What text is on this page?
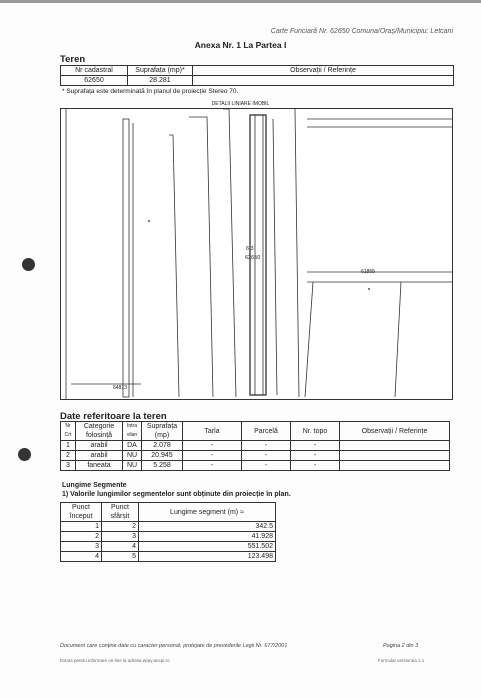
Carte Funciară Nr. 62650 Comuna/Oraș/Municipiu: Letcani
Anexa Nr. 1 La Partea I
Teren
Nr cadastral	Suprafața (mp)*	Observații / Referințe
62650	28.281	
* Suprafața este determinată în planul de proiecție Stereo 70.
DETALII LINIARE IMOBIL
6|3
62650
61855
64813
Date referitoare la teren
Nr Crt	Categorie folosință	Intra vilan	Suprafața (mp)	Tarla	Parcelă	Nr. topo	Observații / Referințe
1	arabil	DA	2.078	-	-	-	
2	arabil	NU	20.945	-	-	-	
3	faneata	NU	5.258	-	-	-	
Lungime Segmente
1) Valorile lungimilor segmentelor sunt obținute din proiecție în plan.
Punct început	Punct sfârșit	Lungime segment (m) ≈
1	2	342.5
2	3	41.928
3	4	551.502
4	5	123.498
Document care conține date cu caracter personal, protejate de prevederile Legii Nr. 677/2001	Pagina 2 din 3
Extras pentru informare on-line la adresa epay.ancpi.ro	Formular versiunea 1.1
